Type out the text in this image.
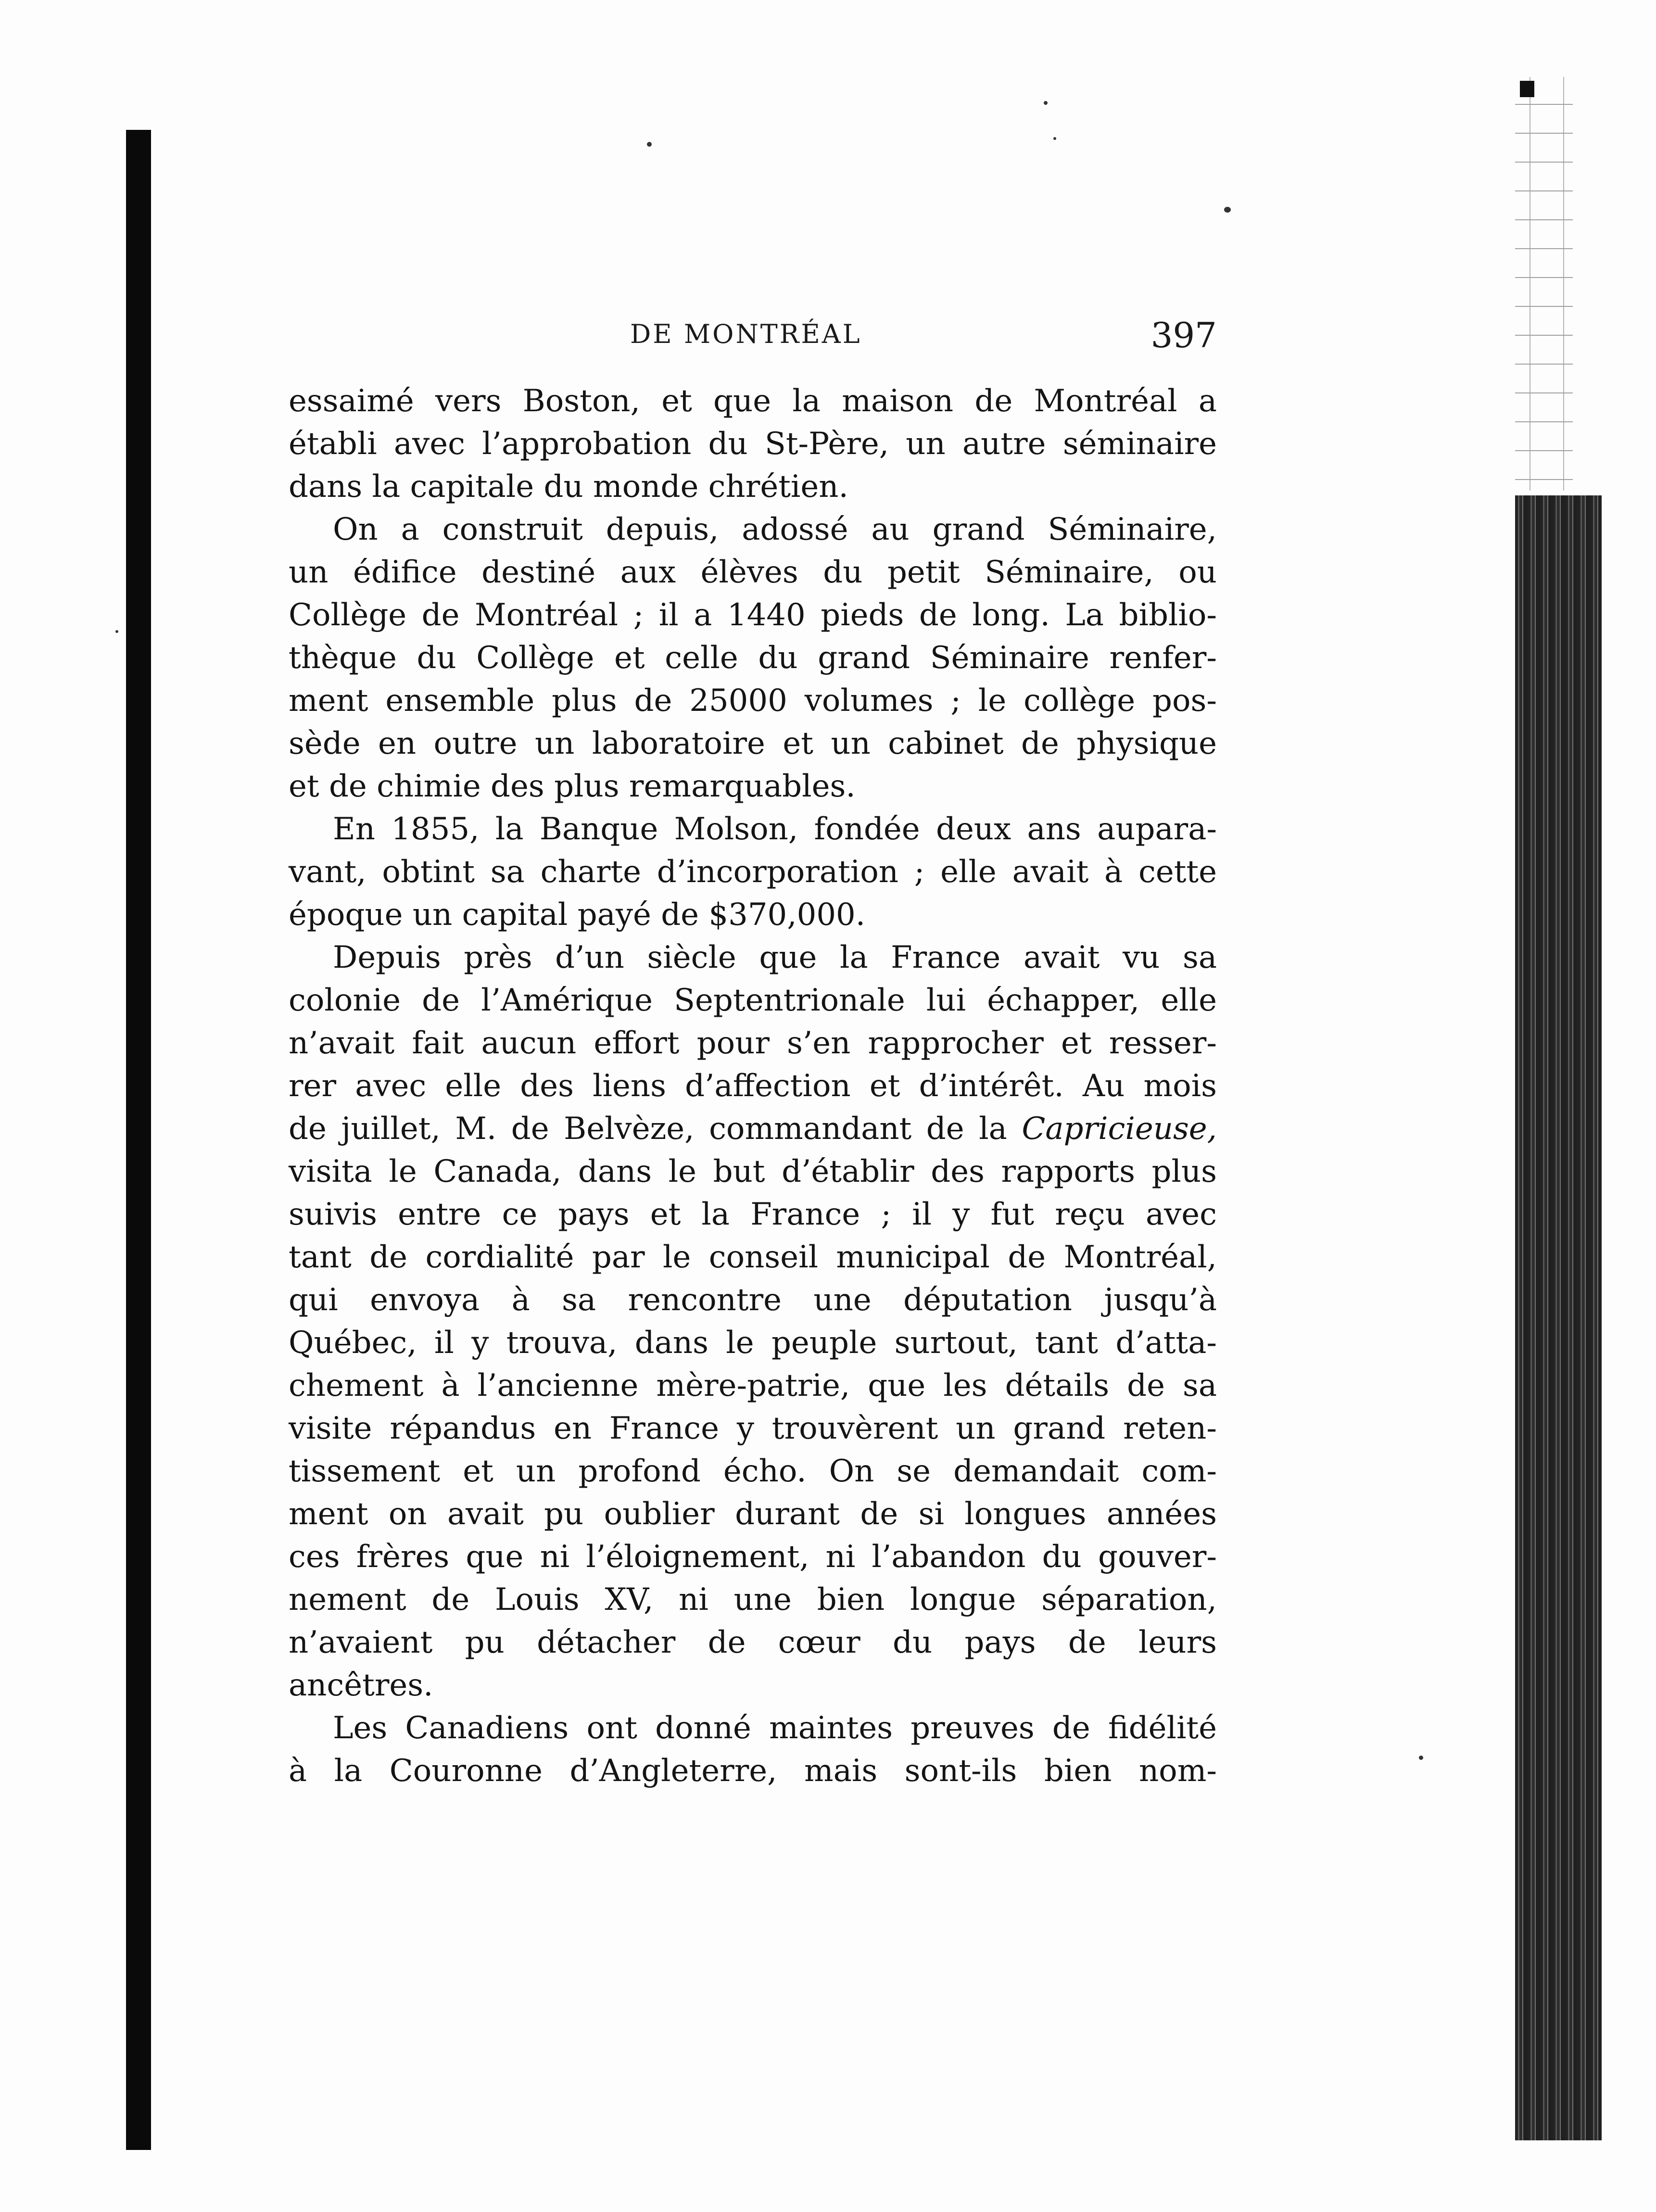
DE MONTRÉAL	397
essaimé vers Boston, et que la maison de Montréal a
établi avec l’approbation du St-Père, un autre séminaire
dans la capitale du monde chrétien.
On a construit depuis, adossé au grand Séminaire,
un édifice destiné aux élèves du petit Séminaire, ou
Collège de Montréal ; il a 1440 pieds de long. La biblio-
thèque du Collège et celle du grand Séminaire renfer-
ment ensemble plus de 25000 volumes ; le collège pos-
sède en outre un laboratoire et un cabinet de physique
et de chimie des plus remarquables.
En 1855, la Banque Molson, fondée deux ans aupara-
vant, obtint sa charte d’incorporation ; elle avait à cette
époque un capital payé de $370,000.
Depuis près d’un siècle que la France avait vu sa
colonie de l’Amérique Septentrionale lui échapper, elle
n’avait fait aucun effort pour s’en rapprocher et resser-
rer avec elle des liens d’affection et d’intérêt. Au mois
de juillet, M. de Belvèze, commandant de la Capricieuse,
visita le Canada, dans le but d’établir des rapports plus
suivis entre ce pays et la France ; il y fut reçu avec
tant de cordialité par le conseil municipal de Montréal,
qui envoya à sa rencontre une députation jusqu’à
Québec, il y trouva, dans le peuple surtout, tant d’atta-
chement à l’ancienne mère-patrie, que les détails de sa
visite répandus en France y trouvèrent un grand reten-
tissement et un profond écho. On se demandait com-
ment on avait pu oublier durant de si longues années
ces frères que ni l’éloignement, ni l’abandon du gouver-
nement de Louis XV, ni une bien longue séparation,
n’avaient pu détacher de cœur du pays de leurs
ancêtres.
Les Canadiens ont donné maintes preuves de fidélité
à la Couronne d’Angleterre, mais sont-ils bien nom-
